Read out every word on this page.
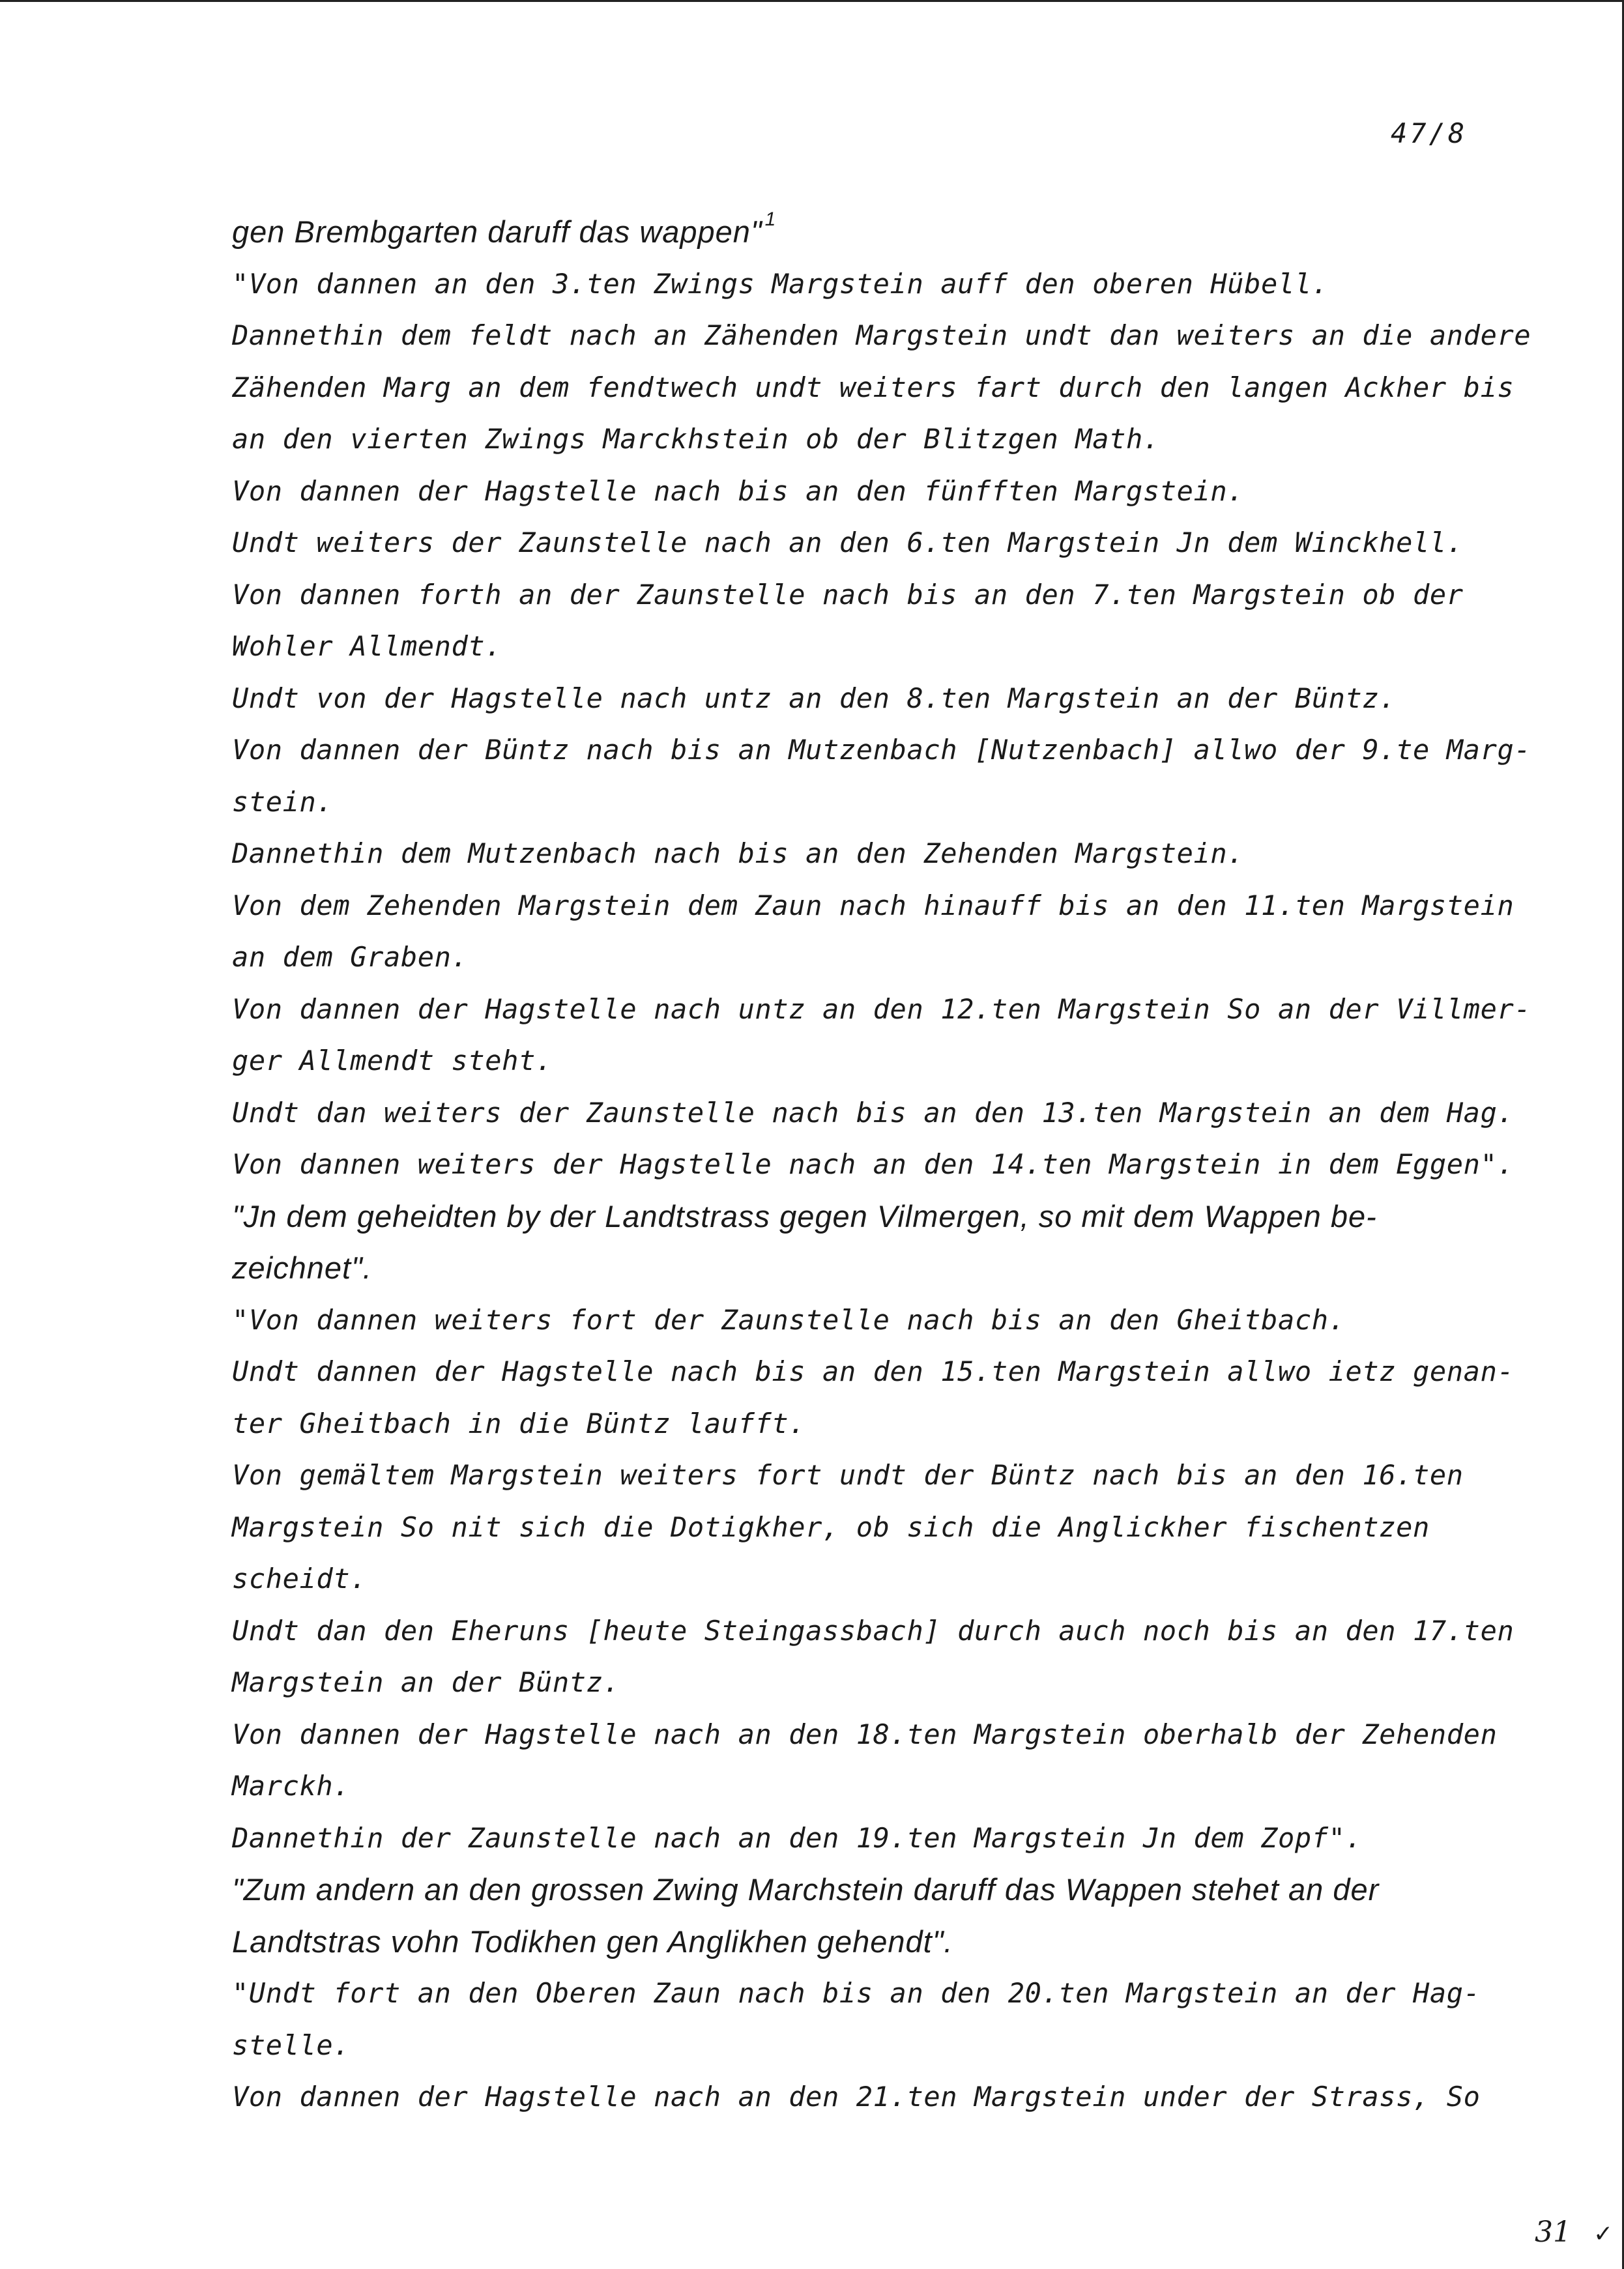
47/8
gen Brembgarten daruff das wappen" $^1$
"Von dannen an den 3.ten Zwings Margstein auff den oberen Hübell.
Dannethin dem feldt nach an Zähenden Margstein undt dan weiters an die andere
Zähenden Marg an dem fendtwech undt weiters fart durch den langen Ackher bis
an den vierten Zwings Marckhstein ob der Blitzgen Math.
Von dannen der Hagstelle nach bis an den fünfften Margstein.
Undt weiters der Zaunstelle nach an den 6.ten Margstein Jn dem Winckhell.
Von dannen forth an der Zaunstelle nach bis an den 7.ten Margstein ob der
Wohler Allmendt.
Undt von der Hagstelle nach untz an den 8.ten Margstein an der Büntz.
Von dannen der Büntz nach bis an Mutzenbach [Nutzenbach] allwo der 9.te Marg-
stein.
Dannethin dem Mutzenbach nach bis an den Zehenden Margstein.
Von dem Zehenden Margstein dem Zaun nach hinauff bis an den 11.ten Margstein
an dem Graben.
Von dannen der Hagstelle nach untz an den 12.ten Margstein So an der Villmer-
ger Allmendt steht.
Undt dan weiters der Zaunstelle nach bis an den 13.ten Margstein an dem Hag.
Von dannen weiters der Hagstelle nach an den 14.ten Margstein in dem Eggen".
"Jn dem geheidten by der Landtstrass gegen Vilmergen, so mit dem Wappen be-
zeichnet".
"Von dannen weiters fort der Zaunstelle nach bis an den Gheitbach.
Undt dannen der Hagstelle nach bis an den 15.ten Margstein allwo ietz genan-
ter Gheitbach in die Büntz laufft.
Von gemältem Margstein weiters fort undt der Büntz nach bis an den 16.ten
Margstein So nit sich die Dotigkher, ob sich die Anglickher fischentzen
scheidt.
Undt dan den Eheruns [heute Steingassbach] durch auch noch bis an den 17.ten
Margstein an der Büntz.
Von dannen der Hagstelle nach an den 18.ten Margstein oberhalb der Zehenden
Marckh.
Dannethin der Zaunstelle nach an den 19.ten Margstein Jn dem Zopf".
"Zum andern an den grossen Zwing Marchstein daruff das Wappen stehet an der
Landtstras vohn Todikhen gen Anglikhen gehendt".
"Undt fort an den Oberen Zaun nach bis an den 20.ten Margstein an der Hag-
stelle.
Von dannen der Hagstelle nach an den 21.ten Margstein under der Strass, So
31 ✓
